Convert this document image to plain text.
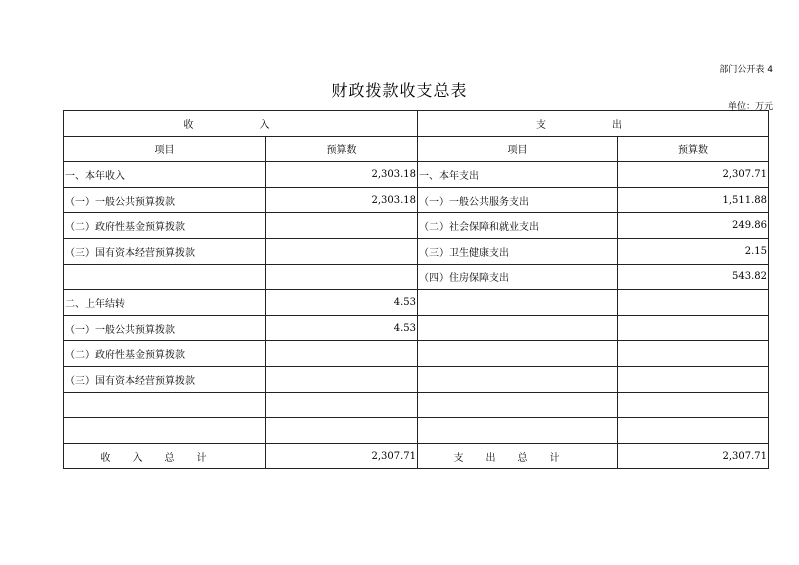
部门公开表 4
财政拨款收支总表
单位：万元
收　入		支　出	
项目	预算数	项目	预算数
一、本年收入	2,303.18	一、本年支出	2,307.71
（一）一般公共预算拨款	2,303.18	（一）一般公共服务支出	1,511.88
（二）政府性基金预算拨款		（二）社会保障和就业支出	249.86
（三）国有资本经营预算拨款		（三）卫生健康支出	2.15
		（四）住房保障支出	543.82
二、上年结转	4.53		
（一）一般公共预算拨款	4.53		
（二）政府性基金预算拨款			
（三）国有资本经营预算拨款			

收入总计	2,307.71	支出总计	2,307.71
